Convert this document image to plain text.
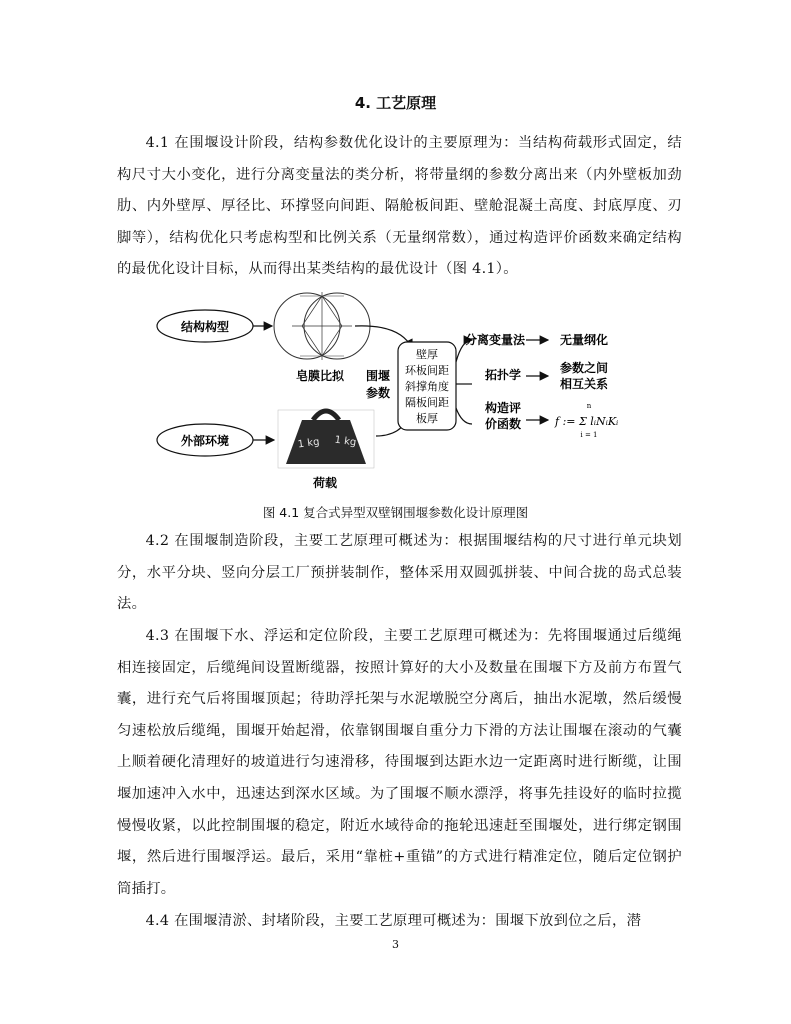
4. 工艺原理

4.1 在围堰设计阶段，结构参数优化设计的主要原理为：当结构荷载形式固定，结构尺寸大小变化，进行分离变量法的类分析，将带量纲的参数分离出来（内外壁板加劲肋、内外壁厚、厚径比、环撑竖向间距、隔舱板间距、壁舱混凝土高度、封底厚度、刃脚等），结构优化只考虑构型和比例关系（无量纲常数），通过构造评价函数来确定结构的最优化设计目标，从而得出某类结构的最优设计（图 4.1）。

结构构型
皂膜比拟
外部环境	1 kg 1 kg
荷载
围堰
参数
壁厚
环板间距
斜撑角度
隔板间距
板厚
分离变量法
拓扑学
构造评
价函数
无量纲化
参数之间
相互关系
f := Σ lᵢNᵢKᵢ
n
i = 1
图 4.1 复合式异型双壁钢围堰参数化设计原理图

4.2 在围堰制造阶段，主要工艺原理可概述为：根据围堰结构的尺寸进行单元块划分，水平分块、竖向分层工厂预拼装制作，整体采用双圆弧拼装、中间合拢的岛式总装法。

4.3 在围堰下水、浮运和定位阶段，主要工艺原理可概述为：先将围堰通过后缆绳相连接固定，后缆绳间设置断缆器，按照计算好的大小及数量在围堰下方及前方布置气囊，进行充气后将围堰顶起；待助浮托架与水泥墩脱空分离后，抽出水泥墩，然后缓慢匀速松放后缆绳，围堰开始起滑，依靠钢围堰自重分力下滑的方法让围堰在滚动的气囊上顺着硬化清理好的坡道进行匀速滑移，待围堰到达距水边一定距离时进行断缆，让围堰加速冲入水中，迅速达到深水区域。为了围堰不顺水漂浮，将事先挂设好的临时拉揽慢慢收紧，以此控制围堰的稳定，附近水域待命的拖轮迅速赶至围堰处，进行绑定钢围堰，然后进行围堰浮运。最后，采用“靠桩+重锚”的方式进行精准定位，随后定位钢护筒插打。

4.4 在围堰清淤、封堵阶段，主要工艺原理可概述为：围堰下放到位之后，潜

3
